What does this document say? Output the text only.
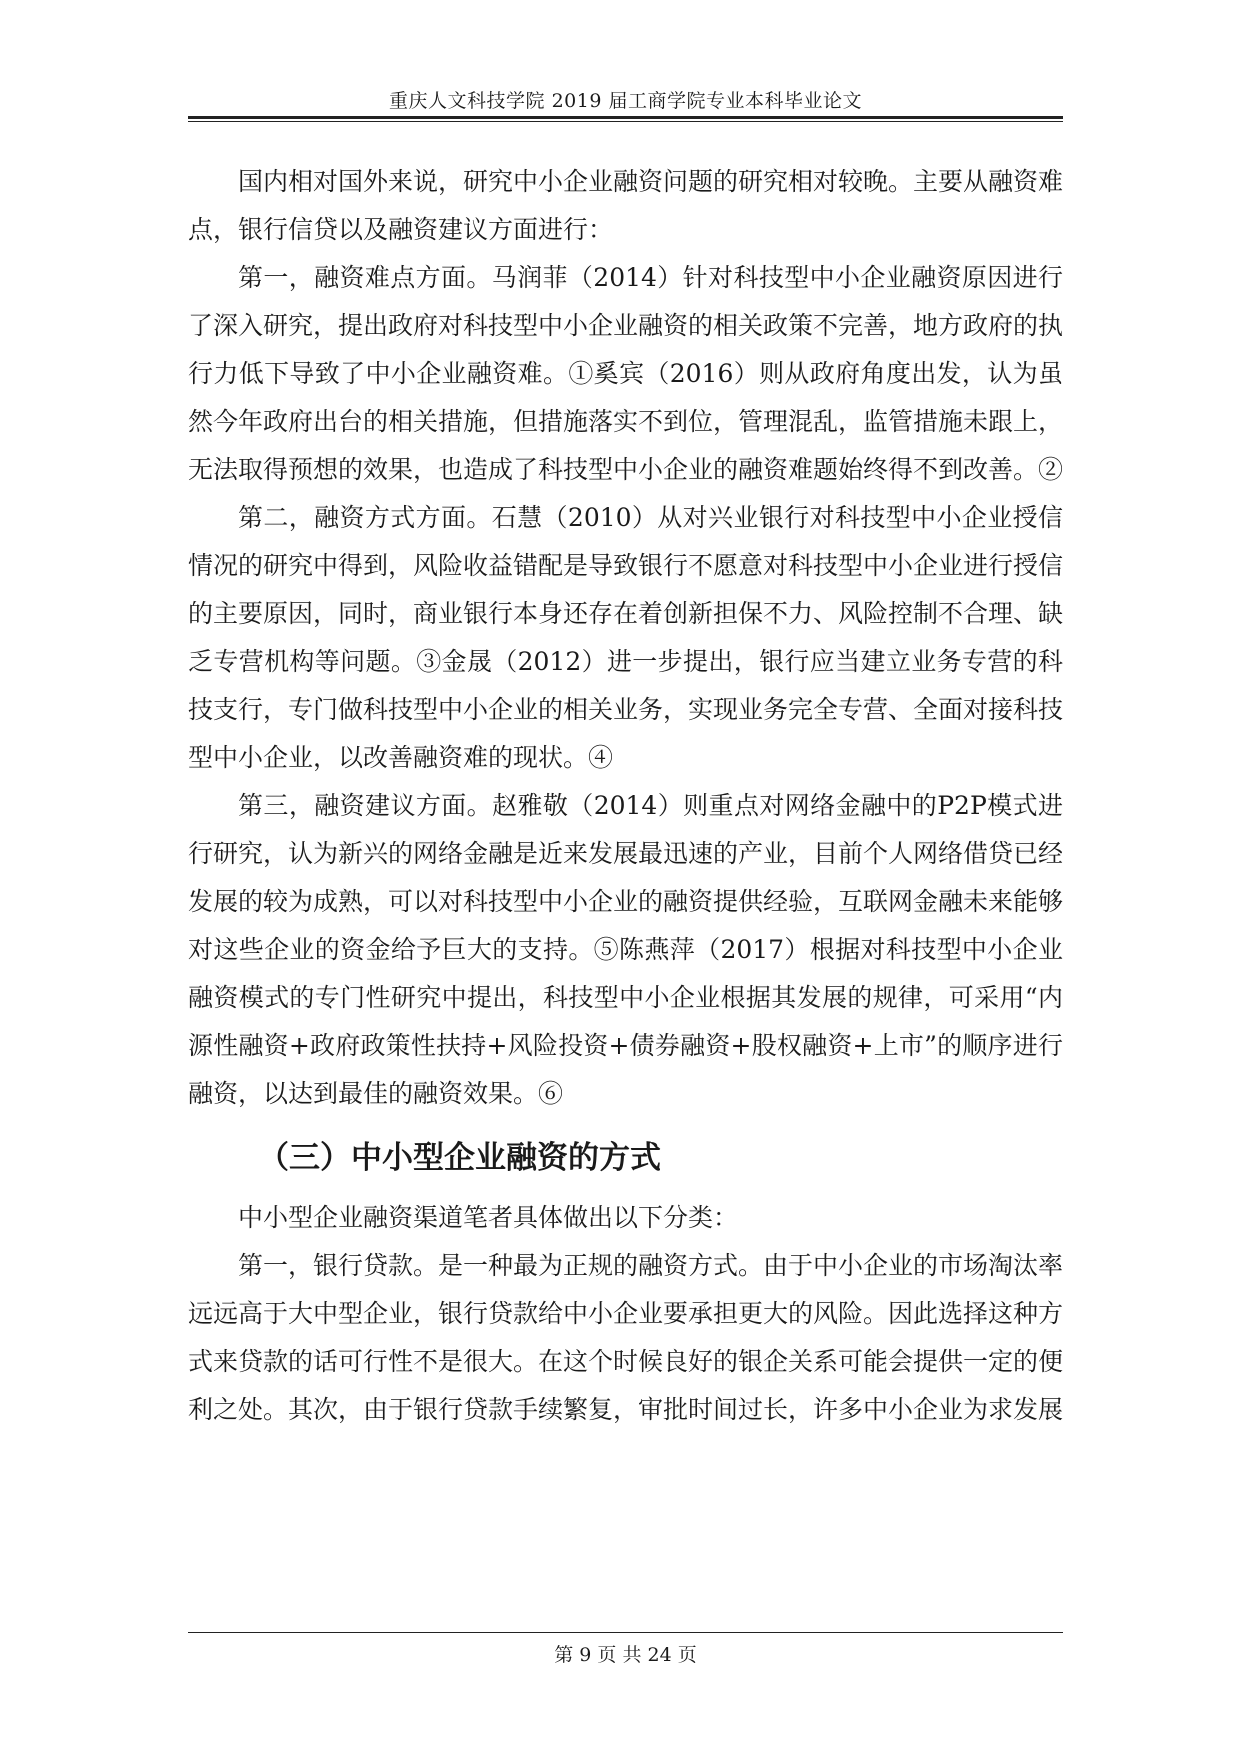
重庆人文科技学院 2019 届工商学院专业本科毕业论文

国内相对国外来说，研究中小企业融资问题的研究相对较晚。主要从融资难点，银行信贷以及融资建议方面进行：

第一，融资难点方面。马润菲（2014）针对科技型中小企业融资原因进行了深入研究，提出政府对科技型中小企业融资的相关政策不完善，地方政府的执行力低下导致了中小企业融资难。①奚宾（2016）则从政府角度出发，认为虽然今年政府出台的相关措施，但措施落实不到位，管理混乱，监管措施未跟上，无法取得预想的效果，也造成了科技型中小企业的融资难题始终得不到改善。②

第二，融资方式方面。石慧（2010）从对兴业银行对科技型中小企业授信情况的研究中得到，风险收益错配是导致银行不愿意对科技型中小企业进行授信的主要原因，同时，商业银行本身还存在着创新担保不力、风险控制不合理、缺乏专营机构等问题。③金晟（2012）进一步提出，银行应当建立业务专营的科技支行，专门做科技型中小企业的相关业务，实现业务完全专营、全面对接科技型中小企业，以改善融资难的现状。④

第三，融资建议方面。赵雅敬（2014）则重点对网络金融中的P2P模式进行研究，认为新兴的网络金融是近来发展最迅速的产业，目前个人网络借贷已经发展的较为成熟，可以对科技型中小企业的融资提供经验，互联网金融未来能够对这些企业的资金给予巨大的支持。⑤陈燕萍（2017）根据对科技型中小企业融资模式的专门性研究中提出，科技型中小企业根据其发展的规律，可采用“内源性融资+政府政策性扶持+风险投资+债券融资+股权融资+上市”的顺序进行融资，以达到最佳的融资效果。⑥

（三）中小型企业融资的方式

中小型企业融资渠道笔者具体做出以下分类：

第一，银行贷款。是一种最为正规的融资方式。由于中小企业的市场淘汰率远远高于大中型企业，银行贷款给中小企业要承担更大的风险。因此选择这种方式来贷款的话可行性不是很大。在这个时候良好的银企关系可能会提供一定的便利之处。其次，由于银行贷款手续繁复，审批时间过长，许多中小企业为求发展

第 9 页 共 24 页
